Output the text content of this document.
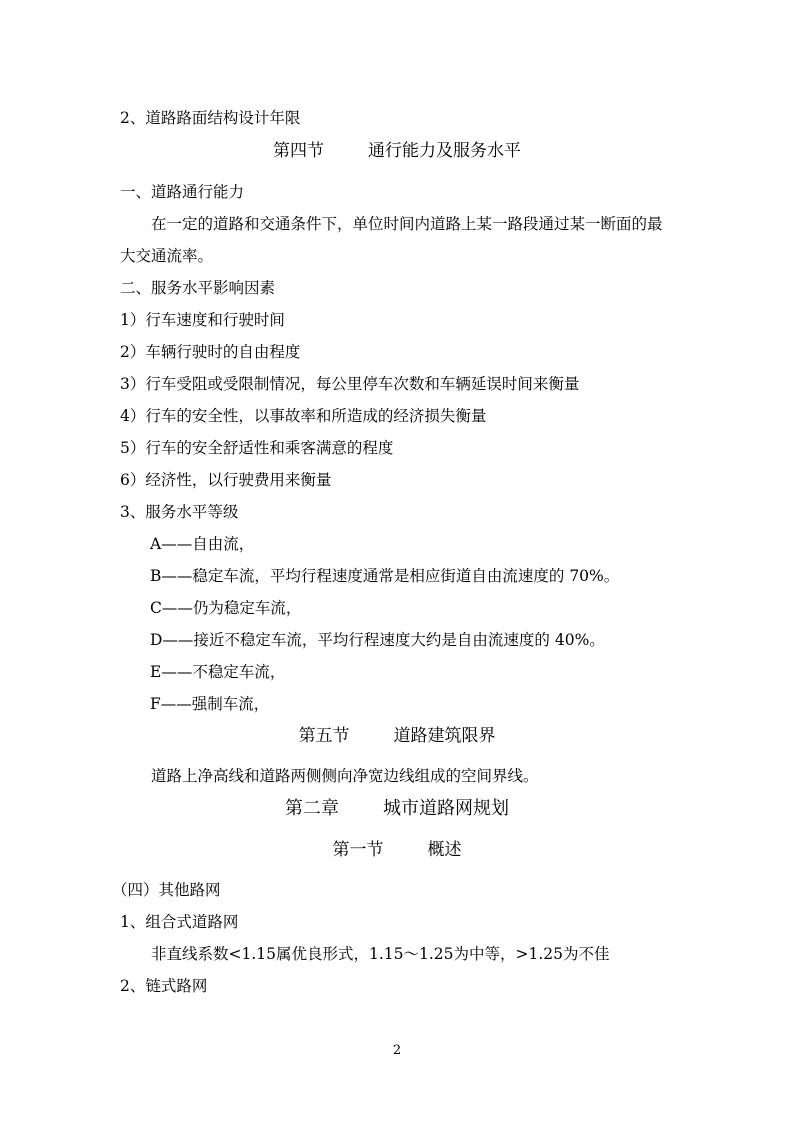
2、道路路面结构设计年限
第四节	通行能力及服务水平
一、道路通行能力
在一定的道路和交通条件下，单位时间内道路上某一路段通过某一断面的最
大交通流率。
二、服务水平影响因素
1）行车速度和行驶时间
2）车辆行驶时的自由程度
3）行车受阻或受限制情况，每公里停车次数和车辆延误时间来衡量
4）行车的安全性，以事故率和所造成的经济损失衡量
5）行车的安全舒适性和乘客满意的程度
6）经济性，以行驶费用来衡量
3、服务水平等级
A——自由流，
B——稳定车流，平均行程速度通常是相应街道自由流速度的 70%。
C——仍为稳定车流，
D——接近不稳定车流，平均行程速度大约是自由流速度的 40%。
E——不稳定车流，
F——强制车流，
第五节	道路建筑限界
道路上净高线和道路两侧侧向净宽边线组成的空间界线。
第二章 城市道路网规划
第一节	概述
（四）其他路网
1、组合式道路网
非直线系数<1.15属优良形式，1.15～1.25为中等，>1.25为不佳
2、链式路网
2
